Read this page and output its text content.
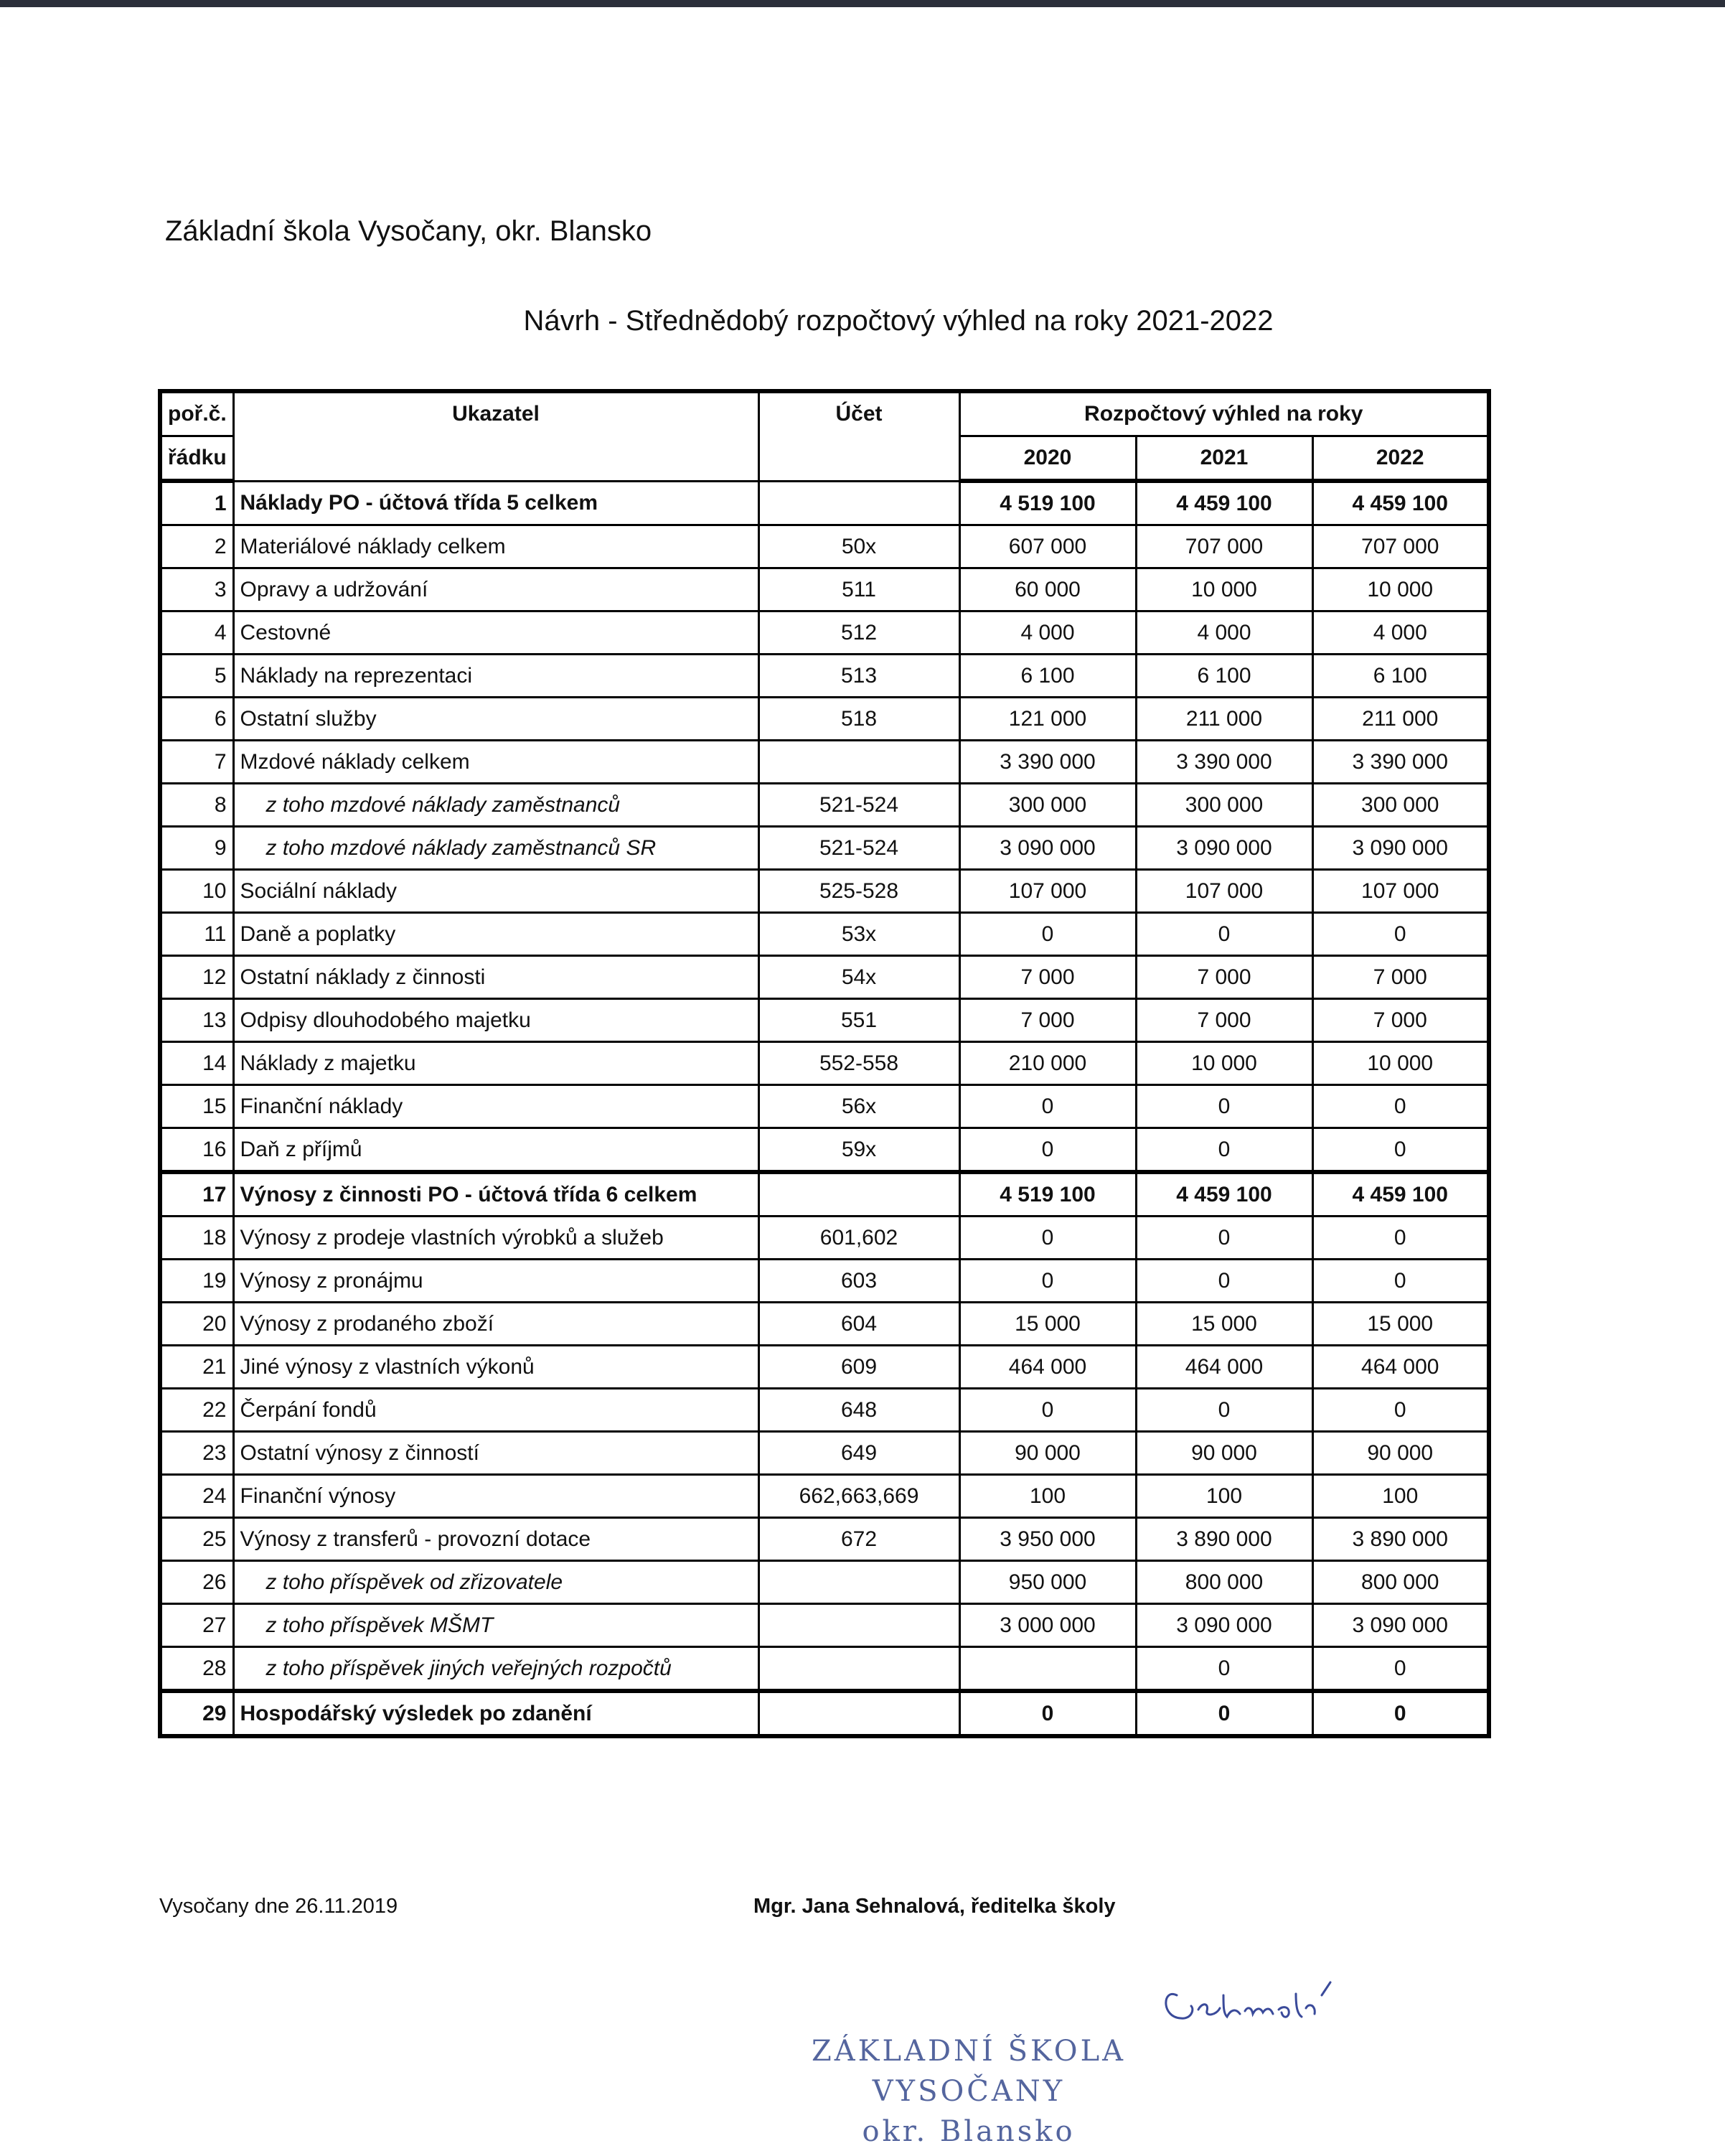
Základní škola Vysočany, okr. Blansko
Návrh - Střednědobý rozpočtový výhled na roky 2021-2022
poř.č.	Ukazatel	Účet	Rozpočtový výhled na roky		
řádku			2020	2021	2022
1	Náklady PO - účtová třída 5 celkem		4 519 100	4 459 100	4 459 100
2	Materiálové náklady celkem	50x	607 000	707 000	707 000
3	Opravy a udržování	511	60 000	10 000	10 000
4	Cestovné	512	4 000	4 000	4 000
5	Náklady na reprezentaci	513	6 100	6 100	6 100
6	Ostatní služby	518	121 000	211 000	211 000
7	Mzdové náklady celkem		3 390 000	3 390 000	3 390 000
8	z toho mzdové náklady zaměstnanců	521-524	300 000	300 000	300 000
9	z toho mzdové náklady zaměstnanců SR	521-524	3 090 000	3 090 000	3 090 000
10	Sociální náklady	525-528	107 000	107 000	107 000
11	Daně a poplatky	53x	0	0	0
12	Ostatní náklady z činnosti	54x	7 000	7 000	7 000
13	Odpisy dlouhodobého majetku	551	7 000	7 000	7 000
14	Náklady z majetku	552-558	210 000	10 000	10 000
15	Finanční náklady	56x	0	0	0
16	Daň z příjmů	59x	0	0	0
17	Výnosy z činnosti PO - účtová třída 6 celkem		4 519 100	4 459 100	4 459 100
18	Výnosy z prodeje vlastních výrobků a služeb	601,602	0	0	0
19	Výnosy z pronájmu	603	0	0	0
20	Výnosy z prodaného zboží	604	15 000	15 000	15 000
21	Jiné výnosy z vlastních výkonů	609	464 000	464 000	464 000
22	Čerpání fondů	648	0	0	0
23	Ostatní výnosy z činností	649	90 000	90 000	90 000
24	Finanční výnosy	662,663,669	100	100	100
25	Výnosy z transferů - provozní dotace	672	3 950 000	3 890 000	3 890 000
26	z toho příspěvek od zřizovatele		950 000	800 000	800 000
27	z toho příspěvek MŠMT		3 000 000	3 090 000	3 090 000
28	z toho příspěvek jiných veřejných rozpočtů			0	0
29	Hospodářský výsledek po zdanění		0	0	0
Vysočany dne 26.11.2019	Mgr. Jana Sehnalová, ředitelka školy
ZÁKLADNÍ ŠKOLA
VYSOČANY
okr. Blansko
